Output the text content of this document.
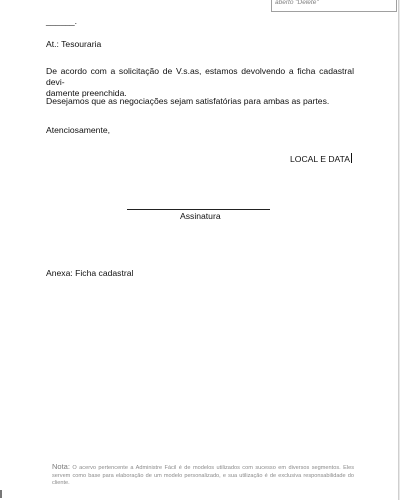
aberto "Delete"
______.
At.: Tesouraria
De acordo com a solicitação de V.s.as, estamos devolvendo a ficha cadastral devi-
damente preenchida.
Desejamos que as negociações sejam satisfatórias para ambas as partes.
Atenciosamente,
LOCAL E DATA
Assinatura
Anexa: Ficha cadastral
Nota: O acervo pertencente a Administre Fácil é de modelos utilizados com sucesso em diversos segmentos. Eles servem como base para elaboração de um modelo personalizado, e sua utilização é de exclusiva responsabilidade do cliente.
